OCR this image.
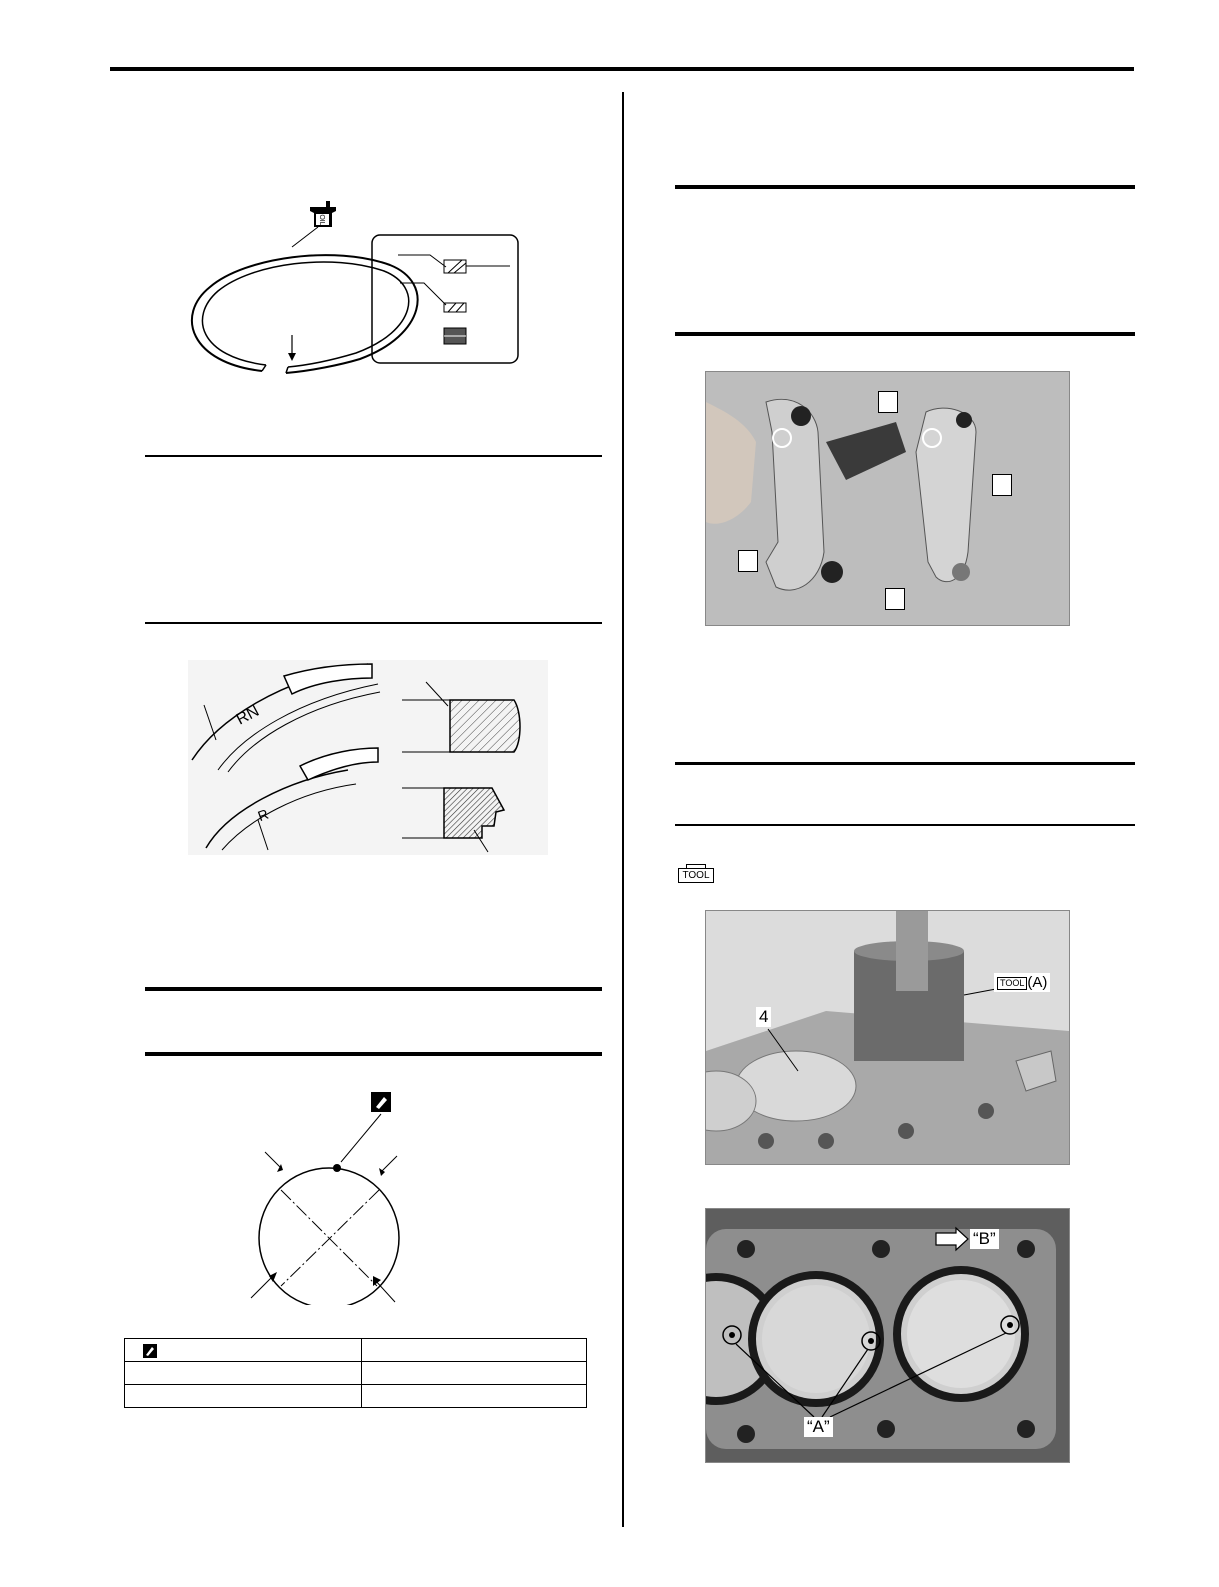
OIL
RN
R

TOOL
4
TOOL (A)
“A”
“B”
